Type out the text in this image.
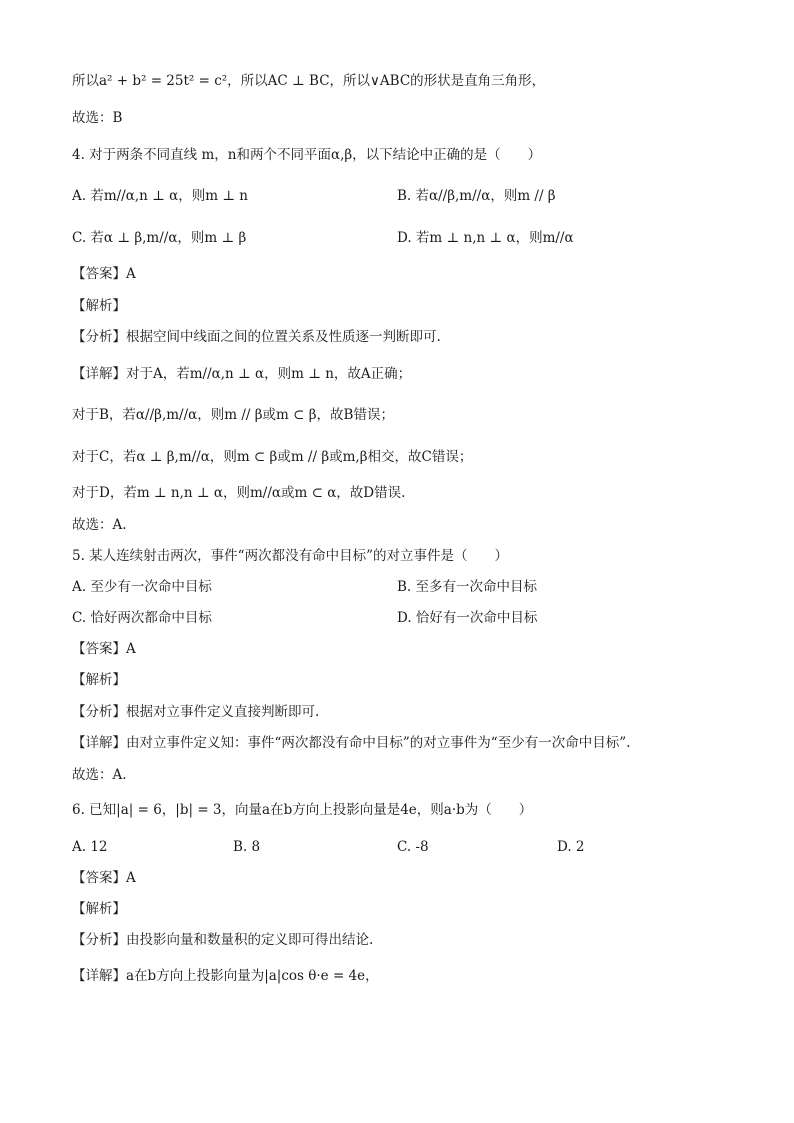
所以a² + b² = 25t² = c²，所以AC ⊥ BC，所以∨ABC的形状是直角三角形，
故选：B
4. 对于两条不同直线 m，n和两个不同平面α,β，以下结论中正确的是（　　）
A. 若m//α,n ⊥ α，则m ⊥ n	B. 若α//β,m//α，则m // β
C. 若α ⊥ β,m//α，则m ⊥ β	D. 若m ⊥ n,n ⊥ α，则m//α
【答案】A
【解析】
【分析】根据空间中线面之间的位置关系及性质逐一判断即可.
【详解】对于A，若m//α,n ⊥ α，则m ⊥ n，故A正确；
对于B，若α//β,m//α，则m // β或m ⊂ β，故B错误；
对于C，若α ⊥ β,m//α，则m ⊂ β或m // β或m,β相交，故C错误；
对于D，若m ⊥ n,n ⊥ α，则m//α或m ⊂ α，故D错误.
故选：A.
5. 某人连续射击两次，事件“两次都没有命中目标”的对立事件是（　　）
A. 至少有一次命中目标	B. 至多有一次命中目标
C. 恰好两次都命中目标	D. 恰好有一次命中目标
【答案】A
【解析】
【分析】根据对立事件定义直接判断即可.
【详解】由对立事件定义知：事件“两次都没有命中目标”的对立事件为“至少有一次命中目标”.
故选：A.
6. 已知|a| = 6，|b| = 3，向量a在b方向上投影向量是4e，则a·b为（　　）
A. 12	B. 8	C. -8	D. 2
【答案】A
【解析】
【分析】由投影向量和数量积的定义即可得出结论.
【详解】a在b方向上投影向量为|a|cos θ·e = 4e，
